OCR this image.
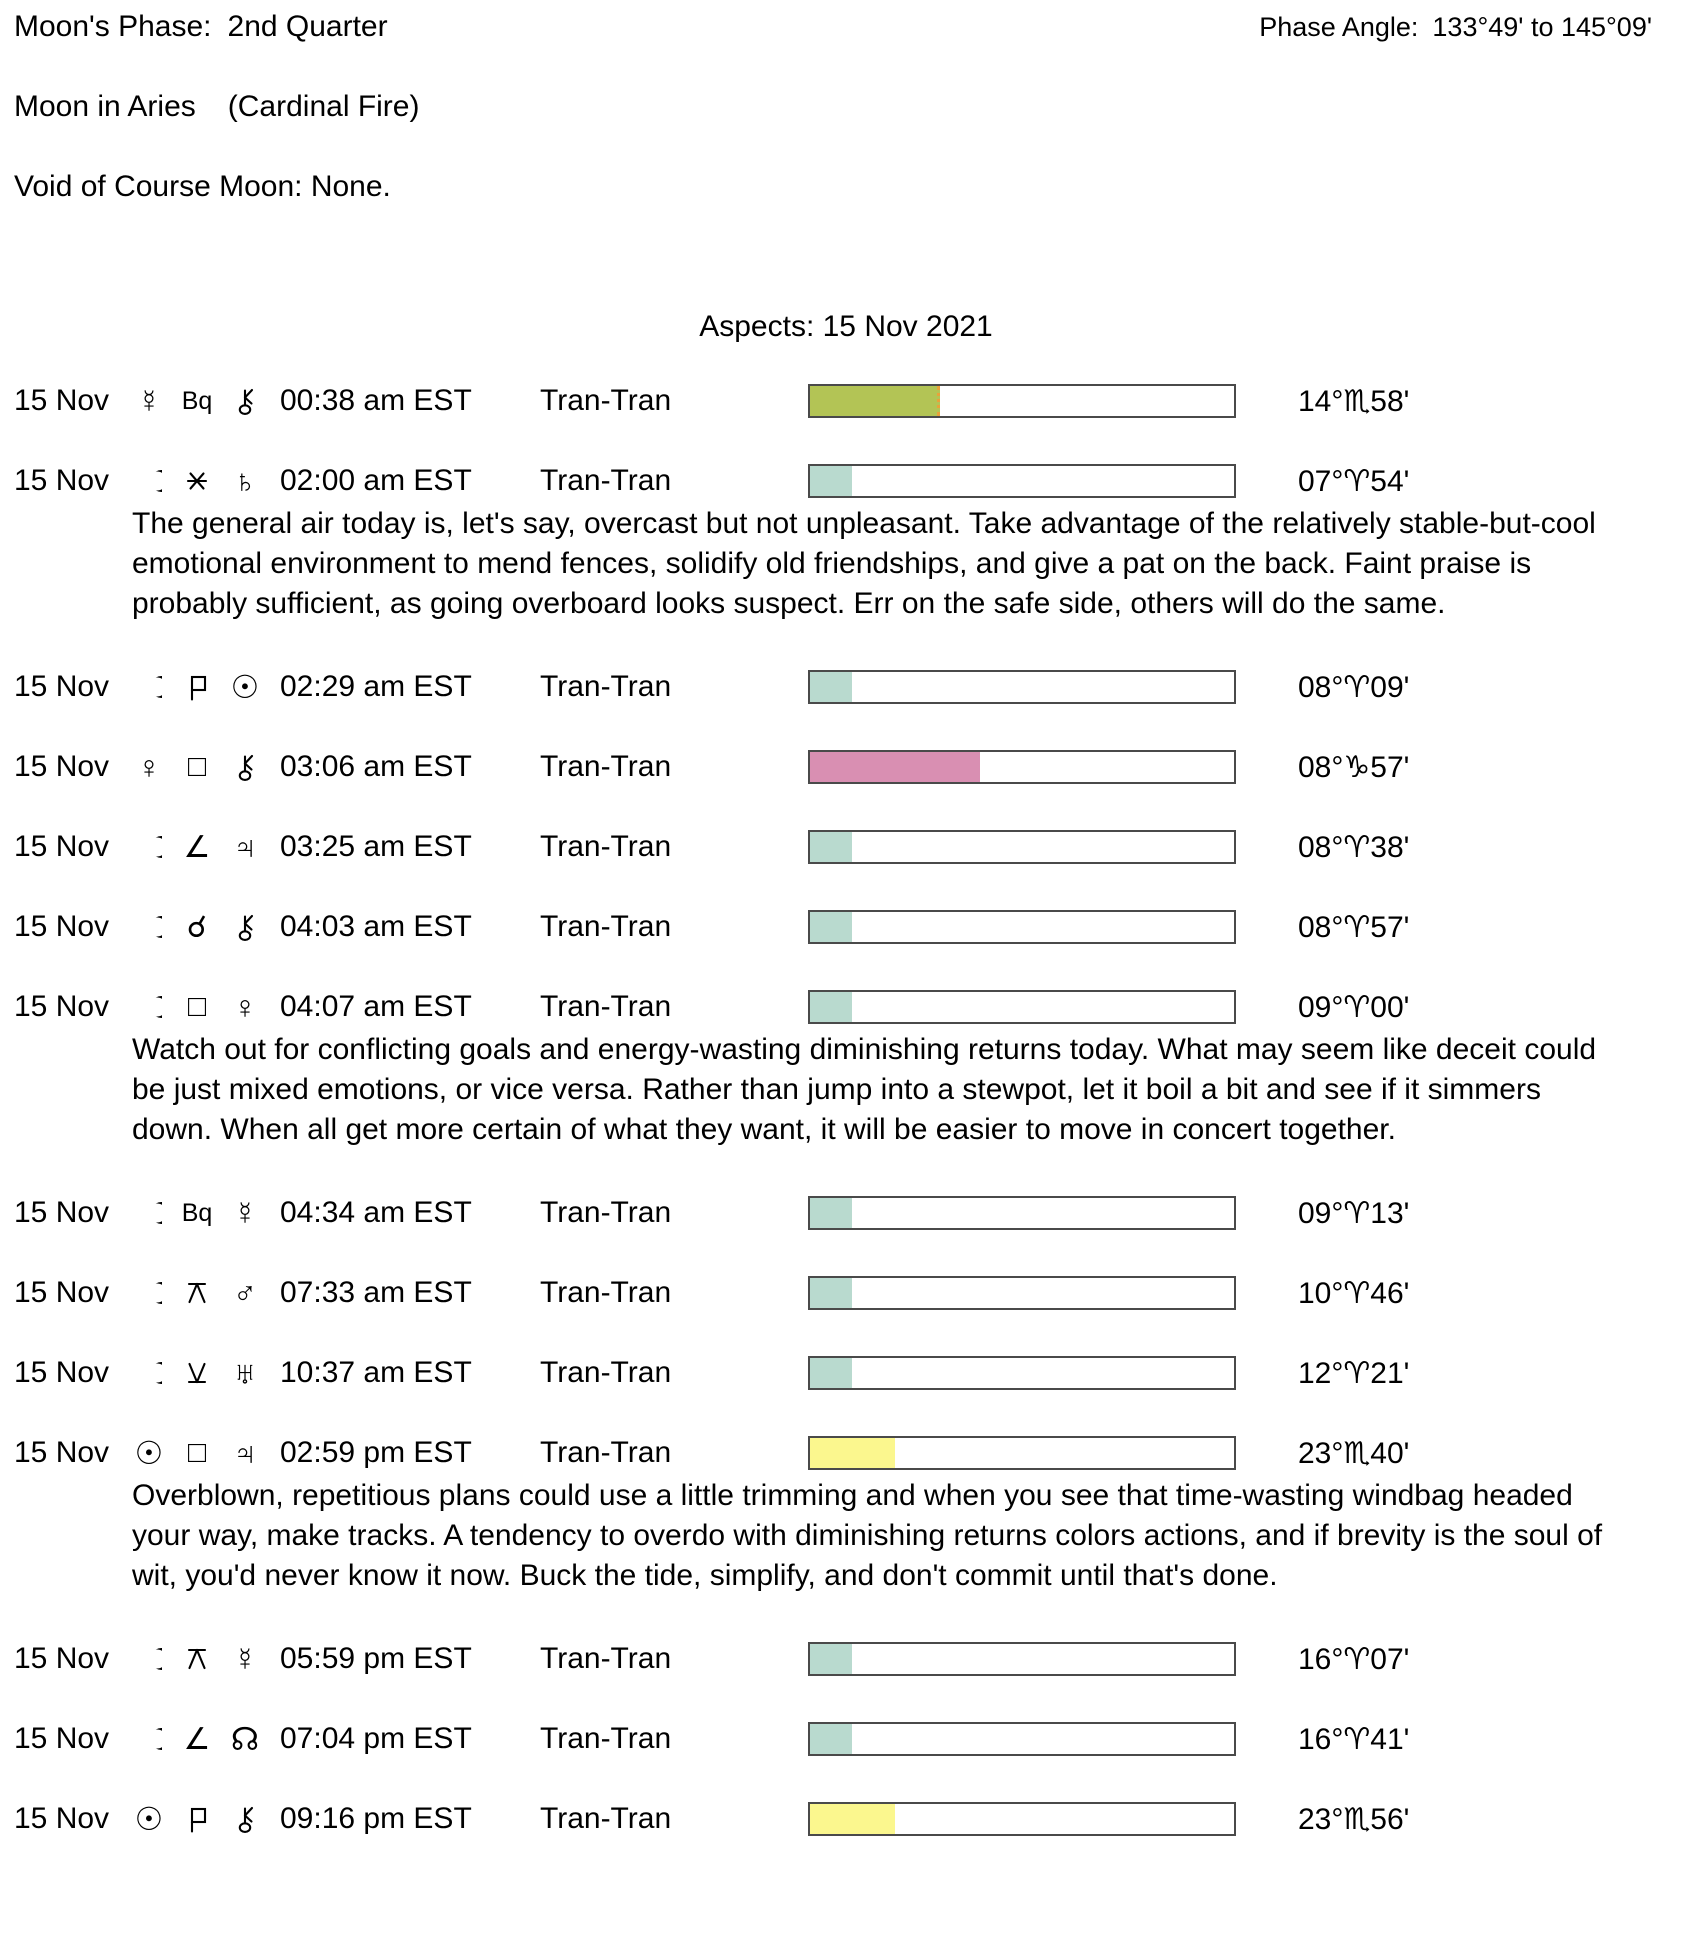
Moon's Phase: 2nd Quarter	Phase Angle: 133°49' to 145°09'
Moon in Aries (Cardinal Fire)
Void of Course Moon: None.
Aspects: 15 Nov 2021
15 Nov ☿ Bq 00:38 am EST	Tran-Tran	14°♏58'
15 Nov	♄ 02:00 am EST	Tran-Tran	07°♈54'
The general air today is, let's say, overcast but not unpleasant. Take advantage of the relatively stable-but-cool emotional environment to mend fences, solidify old friendships, and give a pat on the back. Faint praise is probably sufficient, as going overboard looks suspect. Err on the safe side, others will do the same.
15 Nov	☉ 02:29 am EST	Tran-Tran	08°♈09'
15 Nov ♀ □ 03:06 am EST	Tran-Tran	08°♑57'
15 Nov	∠ ♃ 03:25 am EST	Tran-Tran	08°♈38'
15 Nov	☌ 04:03 am EST	Tran-Tran	08°♈57'
15 Nov	□ ♀ 04:07 am EST	Tran-Tran	09°♈00'
Watch out for conflicting goals and energy-wasting diminishing returns today. What may seem like deceit could be just mixed emotions, or vice versa. Rather than jump into a stewpot, let it boil a bit and see if it simmers down. When all get more certain of what they want, it will be easier to move in concert together.
15 Nov	Bq ☿ 04:34 am EST	Tran-Tran	09°♈13'
15 Nov	♂ 07:33 am EST	Tran-Tran	10°♈46'
15 Nov	♅ 10:37 am EST	Tran-Tran	12°♈21'
15 Nov ☉ □ ♃ 02:59 pm EST	Tran-Tran	23°♏40'
Overblown, repetitious plans could use a little trimming and when you see that time-wasting windbag headed your way, make tracks. A tendency to overdo with diminishing returns colors actions, and if brevity is the soul of wit, you'd never know it now. Buck the tide, simplify, and don't commit until that's done.
15 Nov	☿ 05:59 pm EST	Tran-Tran	16°♈07'
15 Nov	∠ ☊ 07:04 pm EST	Tran-Tran	16°♈41'
15 Nov ☉	09:16 pm EST	Tran-Tran	23°♏56'
